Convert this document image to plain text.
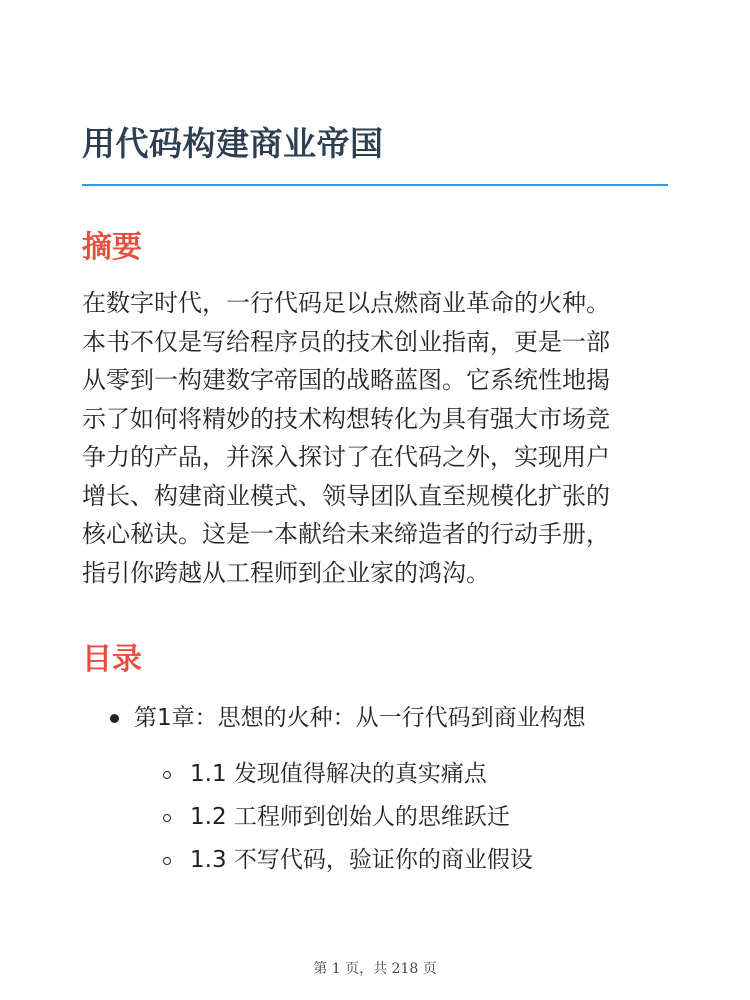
用代码构建商业帝国
摘要

在数字时代，一行代码足以点燃商业革命的火种。
本书不仅是写给程序员的技术创业指南，更是一部
从零到一构建数字帝国的战略蓝图。它系统性地揭
示了如何将精妙的技术构想转化为具有强大市场竞
争力的产品，并深入探讨了在代码之外，实现用户
增长、构建商业模式、领导团队直至规模化扩张的
核心秘诀。这是一本献给未来缔造者的行动手册，
指引你跨越从工程师到企业家的鸿沟。

目录
第1章：思想的火种：从一行代码到商业构想
1.1 发现值得解决的真实痛点
1.2 工程师到创始人的思维跃迁
1.3 不写代码，验证你的商业假设
第 1 页，共 218 页
